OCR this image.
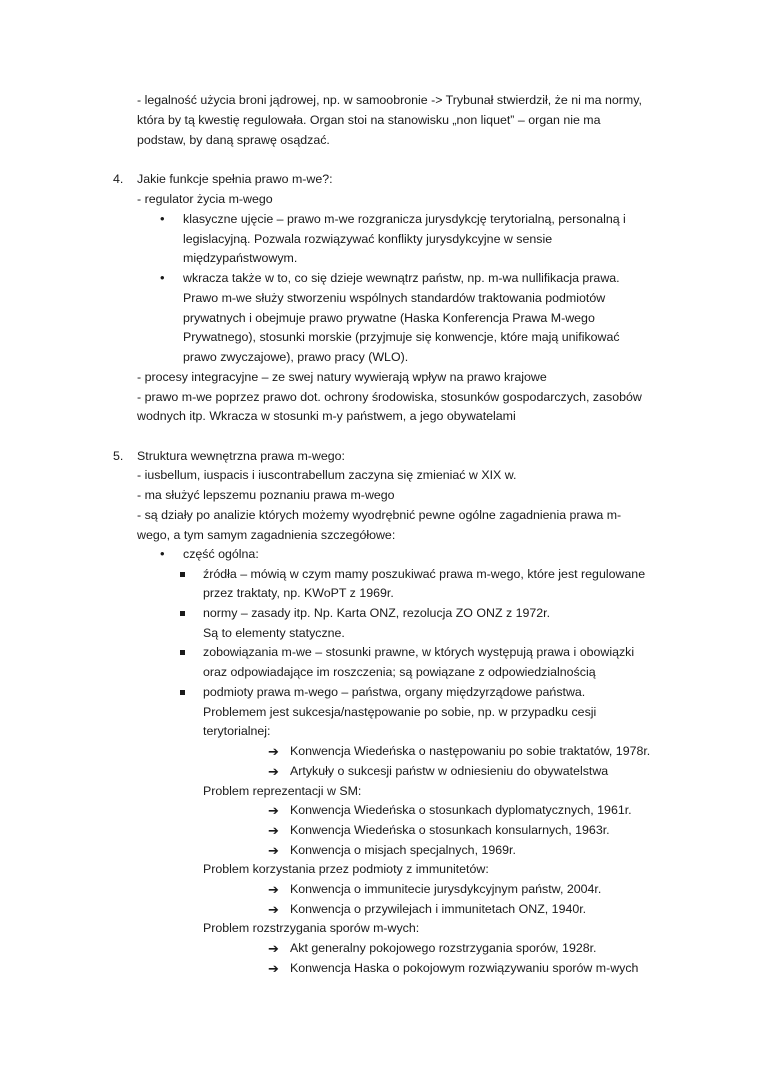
- legalność użycia broni jądrowej, np. w samoobronie -> Trybunał stwierdził, że ni ma normy,
która by tą kwestię regulowała. Organ stoi na stanowisku „non liquet” – organ nie ma
podstaw, by daną sprawę osądzać.
4. Jakie funkcje spełnia prawo m-we?:
- regulator życia m-wego
• klasyczne ujęcie – prawo m-we rozgranicza jurysdykcję terytorialną, personalną i
legislacyjną. Pozwala rozwiązywać konflikty jurysdykcyjne w sensie
międzypaństwowym.
• wkracza także w to, co się dzieje wewnątrz państw, np. m-wa nullifikacja prawa.
Prawo m-we służy stworzeniu wspólnych standardów traktowania podmiotów
prywatnych i obejmuje prawo prywatne (Haska Konferencja Prawa M-wego
Prywatnego), stosunki morskie (przyjmuje się konwencje, które mają unifikować
prawo zwyczajowe), prawo pracy (WLO).
- procesy integracyjne – ze swej natury wywierają wpływ na prawo krajowe
- prawo m-we poprzez prawo dot. ochrony środowiska, stosunków gospodarczych, zasobów
wodnych itp. Wkracza w stosunki m-y państwem, a jego obywatelami
5. Struktura wewnętrzna prawa m-wego:
- iusbellum, iuspacis i iuscontrabellum zaczyna się zmieniać w XIX w.
- ma służyć lepszemu poznaniu prawa m-wego
- są działy po analizie których możemy wyodrębnić pewne ogólne zagadnienia prawa m-
wego, a tym samym zagadnienia szczegółowe:
• część ogólna:
źródła – mówią w czym mamy poszukiwać prawa m-wego, które jest regulowane
przez traktaty, np. KWoPT z 1969r.
normy – zasady itp. Np. Karta ONZ, rezolucja ZO ONZ z 1972r.
Są to elementy statyczne.
zobowiązania m-we – stosunki prawne, w których występują prawa i obowiązki
oraz odpowiadające im roszczenia; są powiązane z odpowiedzialnością
podmioty prawa m-wego – państwa, organy międzyrządowe państwa.
Problemem jest sukcesja/następowanie po sobie, np. w przypadku cesji
terytorialnej:
➔ Konwencja Wiedeńska o następowaniu po sobie traktatów, 1978r.
➔ Artykuły o sukcesji państw w odniesieniu do obywatelstwa
Problem reprezentacji w SM:
➔ Konwencja Wiedeńska o stosunkach dyplomatycznych, 1961r.
➔ Konwencja Wiedeńska o stosunkach konsularnych, 1963r.
➔ Konwencja o misjach specjalnych, 1969r.
Problem korzystania przez podmioty z immunitetów:
➔ Konwencja o immunitecie jurysdykcyjnym państw, 2004r.
➔ Konwencja o przywilejach i immunitetach ONZ, 1940r.
Problem rozstrzygania sporów m-wych:
➔ Akt generalny pokojowego rozstrzygania sporów, 1928r.
➔ Konwencja Haska o pokojowym rozwiązywaniu sporów m-wych
